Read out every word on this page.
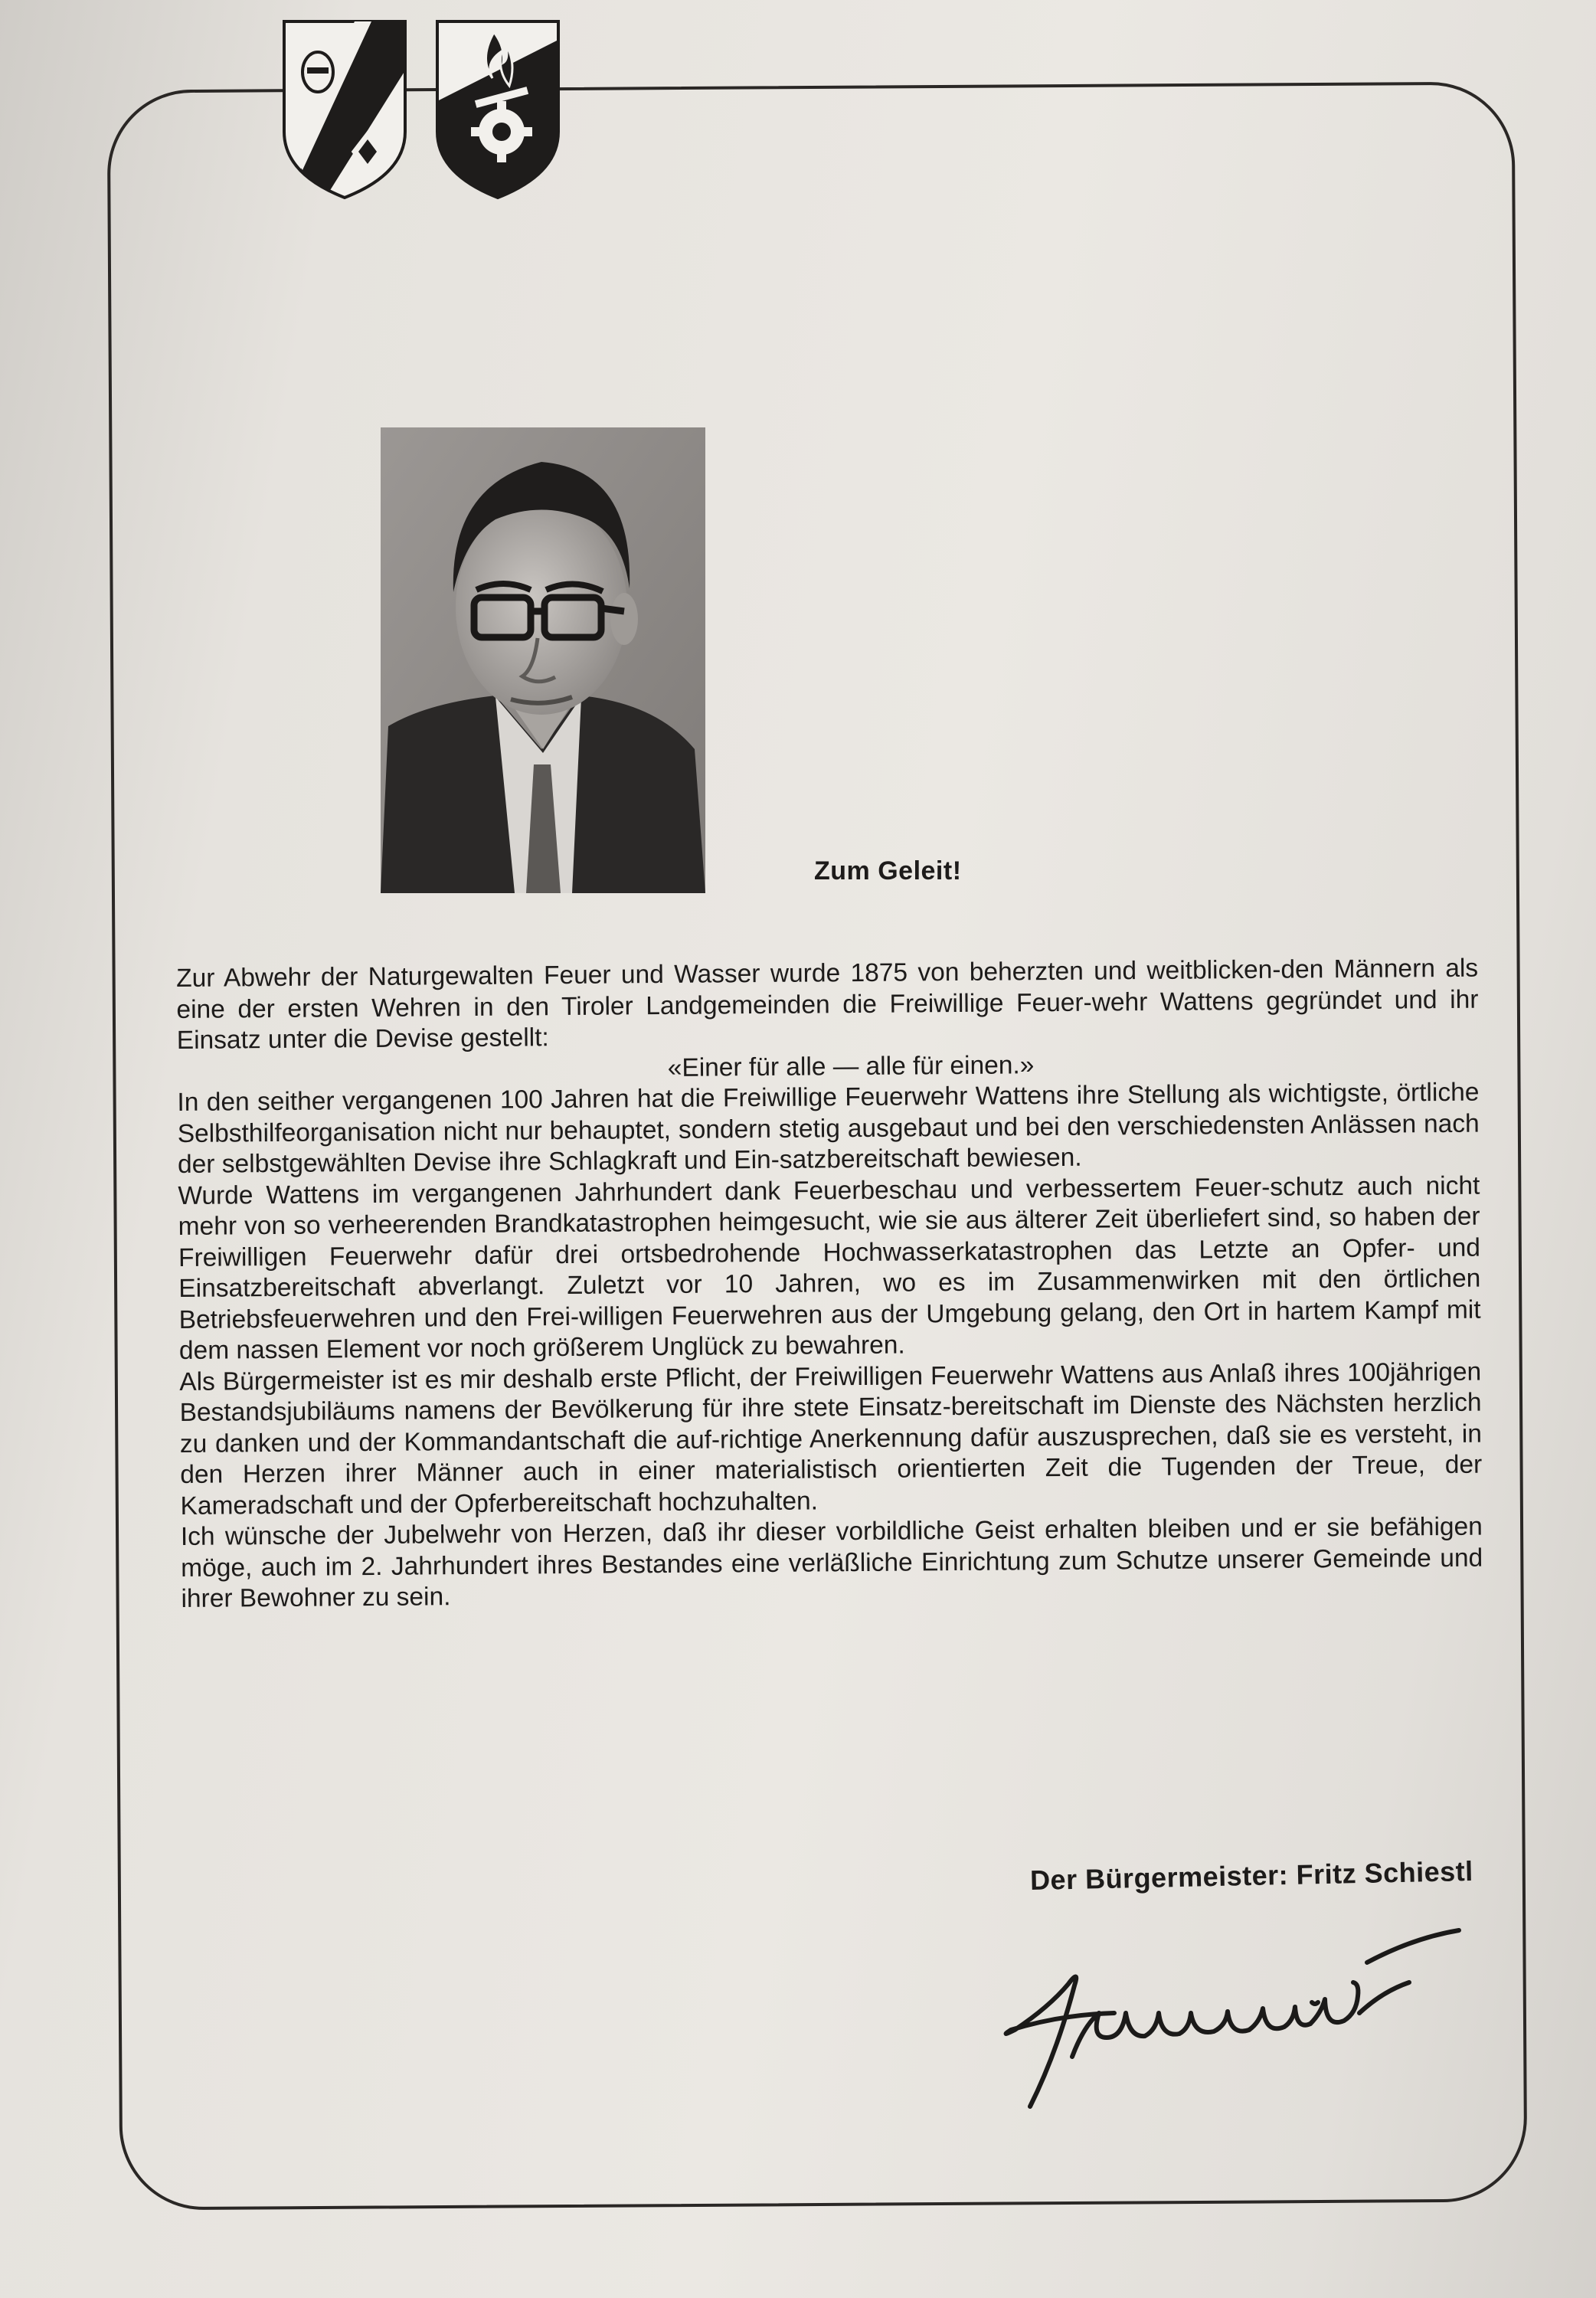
Zum Geleit!

Zur Abwehr der Naturgewalten Feuer und Wasser wurde 1875 von beherzten und weitblicken-den Männern als eine der ersten Wehren in den Tiroler Landgemeinden die Freiwillige Feuer-wehr Wattens gegründet und ihr Einsatz unter die Devise gestellt:

«Einer für alle — alle für einen.»

In den seither vergangenen 100 Jahren hat die Freiwillige Feuerwehr Wattens ihre Stellung als wichtigste, örtliche Selbsthilfeorganisation nicht nur behauptet, sondern stetig ausgebaut und bei den verschiedensten Anlässen nach der selbstgewählten Devise ihre Schlagkraft und Ein-satzbereitschaft bewiesen.

Wurde Wattens im vergangenen Jahrhundert dank Feuerbeschau und verbessertem Feuer-schutz auch nicht mehr von so verheerenden Brandkatastrophen heimgesucht, wie sie aus älterer Zeit überliefert sind, so haben der Freiwilligen Feuerwehr dafür drei ortsbedrohende Hochwasserkatastrophen das Letzte an Opfer- und Einsatzbereitschaft abverlangt. Zuletzt vor 10 Jahren, wo es im Zusammenwirken mit den örtlichen Betriebsfeuerwehren und den Frei-willigen Feuerwehren aus der Umgebung gelang, den Ort in hartem Kampf mit dem nassen Element vor noch größerem Unglück zu bewahren.

Als Bürgermeister ist es mir deshalb erste Pflicht, der Freiwilligen Feuerwehr Wattens aus Anlaß ihres 100jährigen Bestandsjubiläums namens der Bevölkerung für ihre stete Einsatz-bereitschaft im Dienste des Nächsten herzlich zu danken und der Kommandantschaft die auf-richtige Anerkennung dafür auszusprechen, daß sie es versteht, in den Herzen ihrer Männer auch in einer materialistisch orientierten Zeit die Tugenden der Treue, der Kameradschaft und der Opferbereitschaft hochzuhalten.

Ich wünsche der Jubelwehr von Herzen, daß ihr dieser vorbildliche Geist erhalten bleiben und er sie befähigen möge, auch im 2. Jahrhundert ihres Bestandes eine verläßliche Einrichtung zum Schutze unserer Gemeinde und ihrer Bewohner zu sein.

Der Bürgermeister: Fritz Schiestl
